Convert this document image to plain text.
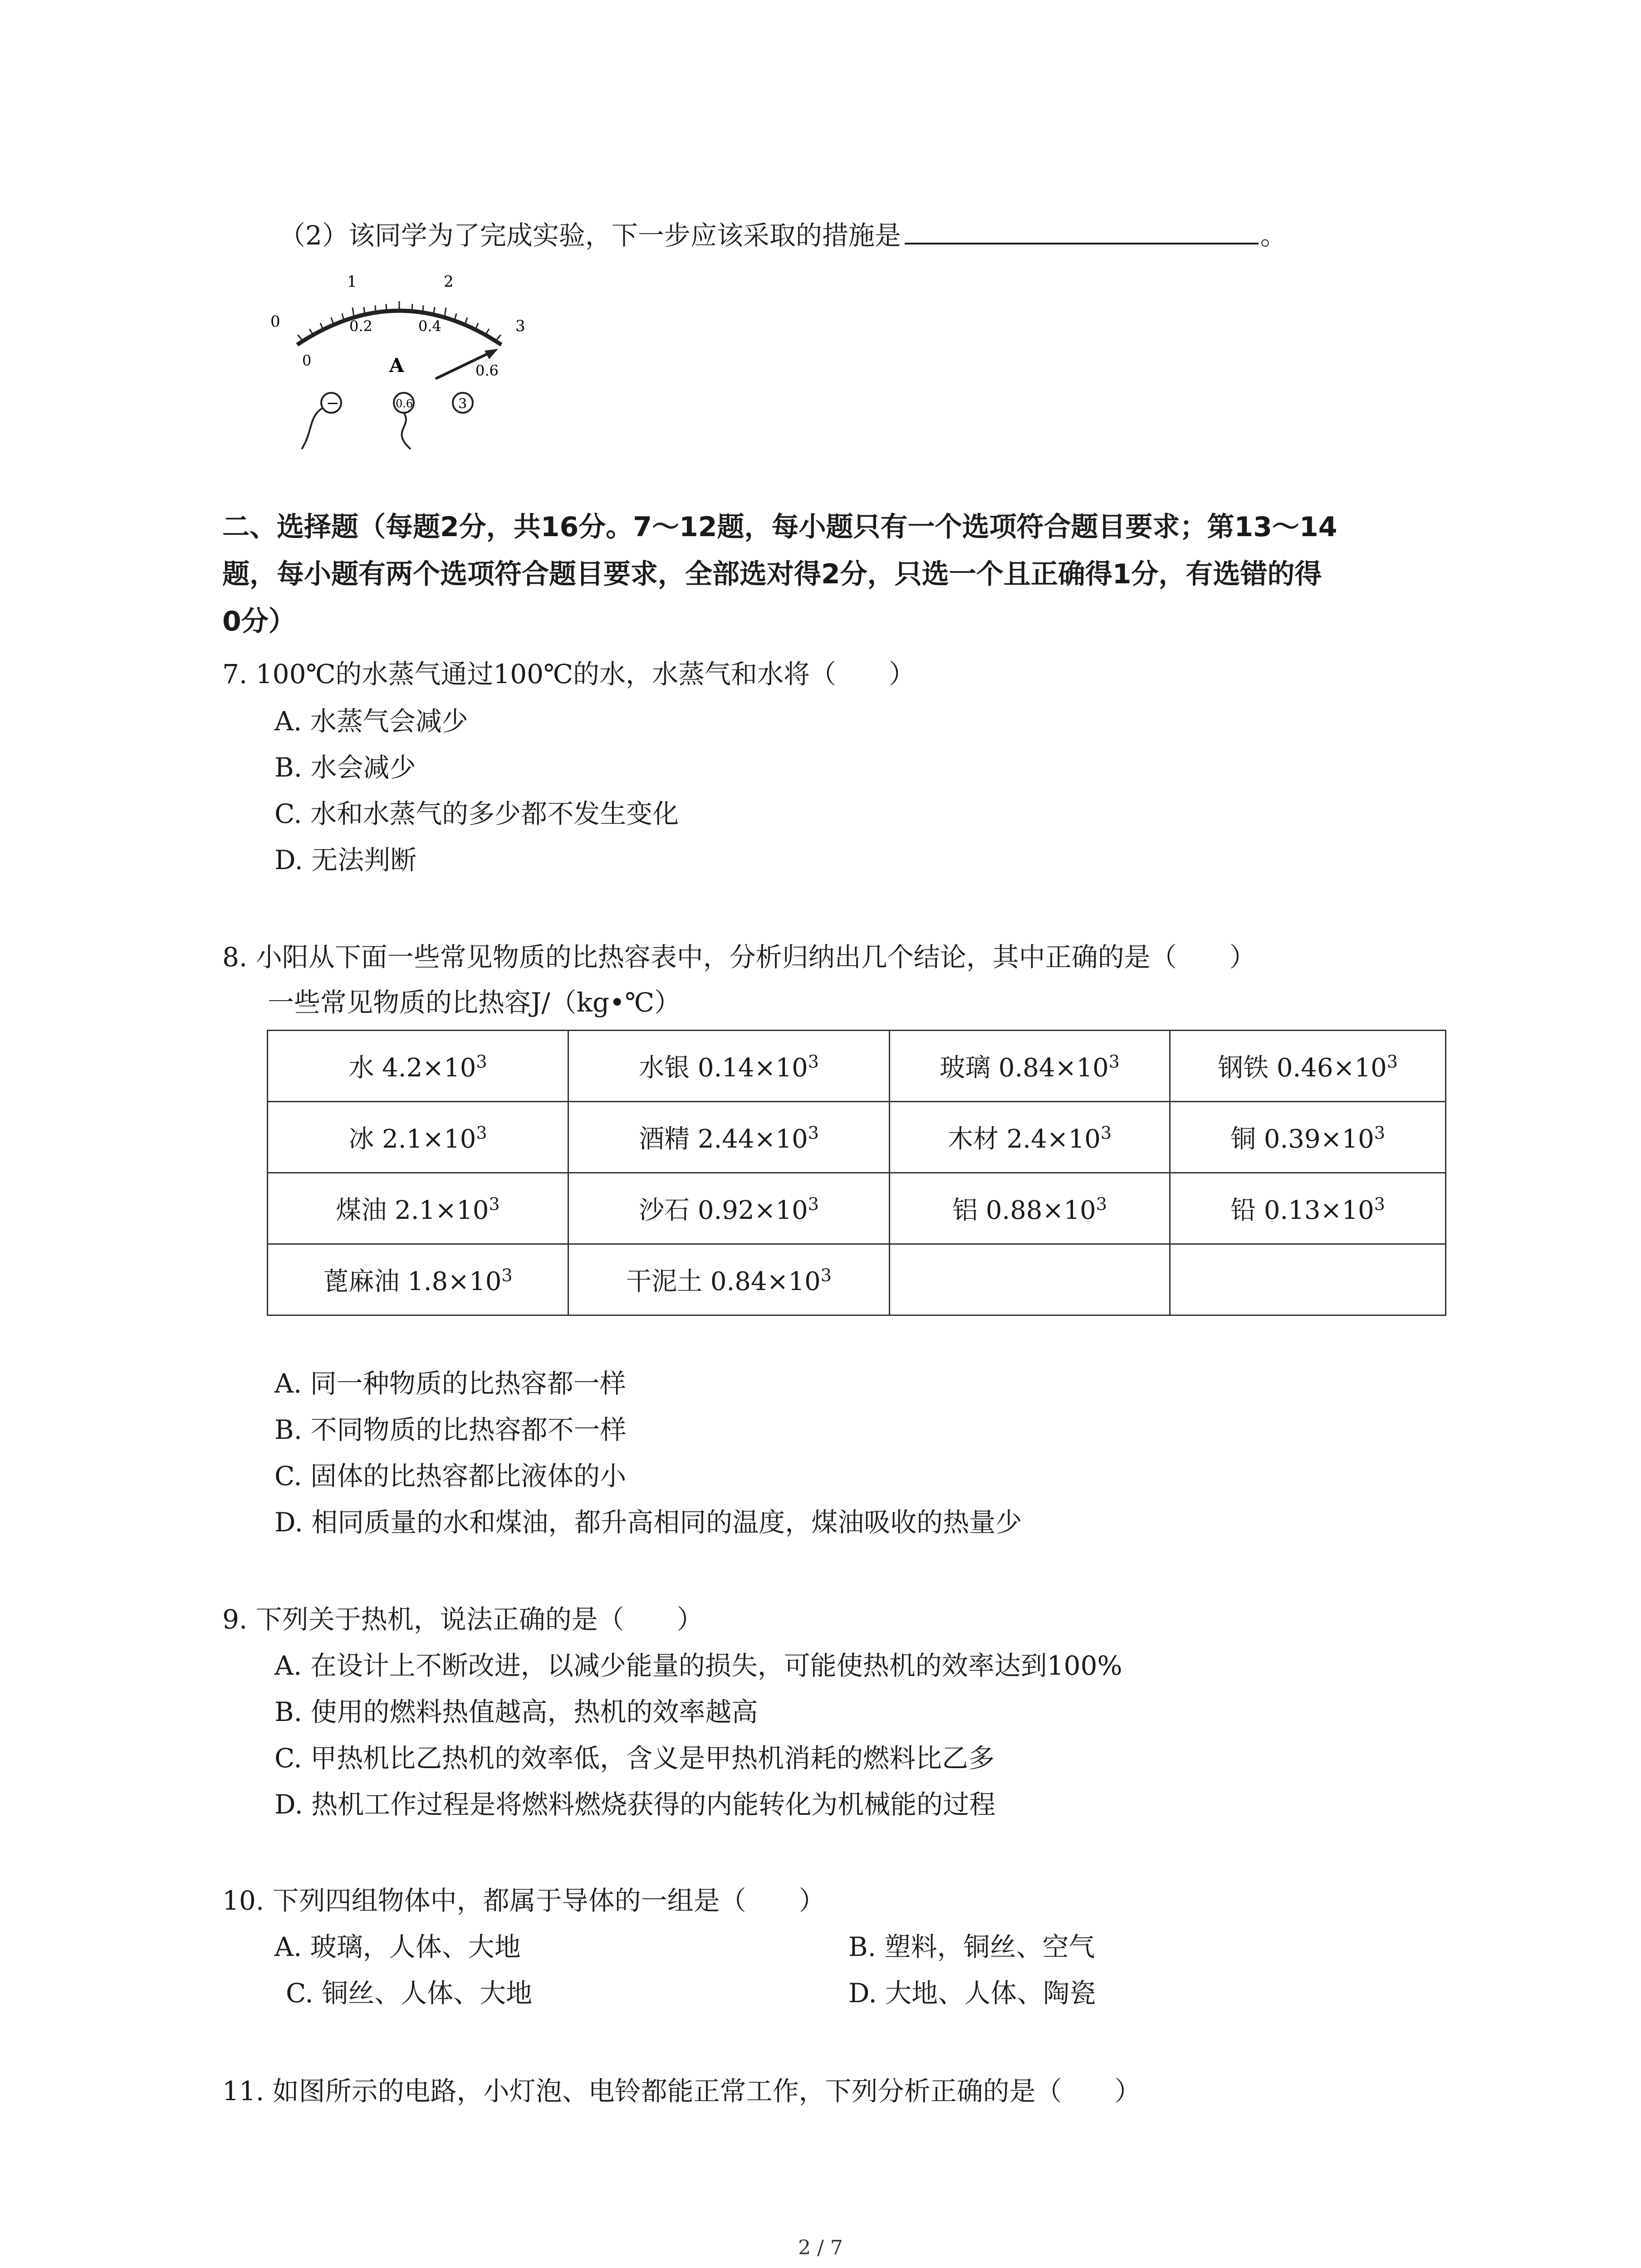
（2）该同学为了完成实验，下一步应该采取的措施是	。
0
1	2
3
0
0.2	0.4
0.6
A
−	0.6	3
二、选择题（每题2分，共16分。7～12题，每小题只有一个选项符合题目要求；第13～14
题，每小题有两个选项符合题目要求，全部选对得2分，只选一个且正确得1分，有选错的得
0分）
7. 100℃的水蒸气通过100℃的水，水蒸气和水将（　　）
A. 水蒸气会减少
B. 水会减少
C. 水和水蒸气的多少都不发生变化
D. 无法判断
8. 小阳从下面一些常见物质的比热容表中，分析归纳出几个结论，其中正确的是（　　）
一些常见物质的比热容J/（kg•℃）
水 $4.2\times 10^3$	水银 $0.14\times 10^3$	玻璃 $0.84\times 10^3$	钢铁 $0.46\times 10^3$
冰 $2.1\times 10^3$	酒精 $2.44\times 10^3$	木材 $2.4\times 10^3$	铜 $0.39\times 10^3$
煤油 $2.1\times 10^3$	沙石 $0.92\times 10^3$	铝 $0.88\times 10^3$	铅 $0.13\times 10^3$
蓖麻油 $1.8\times 10^3$	干泥土 $0.84\times 10^3$		
A. 同一种物质的比热容都一样
B. 不同物质的比热容都不一样
C. 固体的比热容都比液体的小
D. 相同质量的水和煤油，都升高相同的温度，煤油吸收的热量少
9. 下列关于热机，说法正确的是（　　）
A. 在设计上不断改进，以减少能量的损失，可能使热机的效率达到100%
B. 使用的燃料热值越高，热机的效率越高
C. 甲热机比乙热机的效率低，含义是甲热机消耗的燃料比乙多
D. 热机工作过程是将燃料燃烧获得的内能转化为机械能的过程
10. 下列四组物体中，都属于导体的一组是（　　）
A. 玻璃，人体、大地	B. 塑料，铜丝、空气
C. 铜丝、人体、大地	D. 大地、人体、陶瓷
11. 如图所示的电路，小灯泡、电铃都能正常工作，下列分析正确的是（　　）
2 / 7
